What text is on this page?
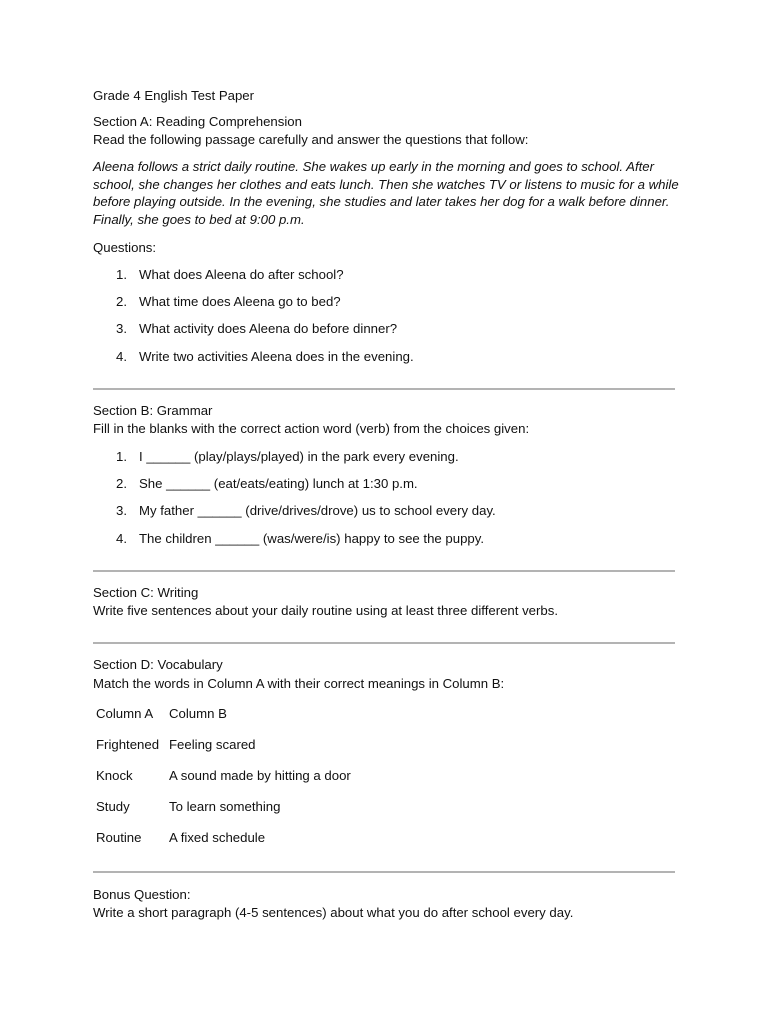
Grade 4 English Test Paper
Section A: Reading Comprehension
Read the following passage carefully and answer the questions that follow:

Aleena follows a strict daily routine. She wakes up early in the morning and goes to school. After school, she changes her clothes and eats lunch. Then she watches TV or listens to music for a while before playing outside. In the evening, she studies and later takes her dog for a walk before dinner. Finally, she goes to bed at 9:00 p.m.

Questions:
1. What does Aleena do after school?
2. What time does Aleena go to bed?
3. What activity does Aleena do before dinner?
4. Write two activities Aleena does in the evening.
Section B: Grammar
Fill in the blanks with the correct action word (verb) from the choices given:
1. I ______ (play/plays/played) in the park every evening.
2. She ______ (eat/eats/eating) lunch at 1:30 p.m.
3. My father ______ (drive/drives/drove) us to school every day.
4. The children ______ (was/were/is) happy to see the puppy.
Section C: Writing
Write five sentences about your daily routine using at least three different verbs.
Section D: Vocabulary
Match the words in Column A with their correct meanings in Column B:
Column A Column B
Frightened Feeling scared
Knock	A sound made by hitting a door
Study	To learn something
Routine A fixed schedule
Bonus Question:
Write a short paragraph (4-5 sentences) about what you do after school every day.
